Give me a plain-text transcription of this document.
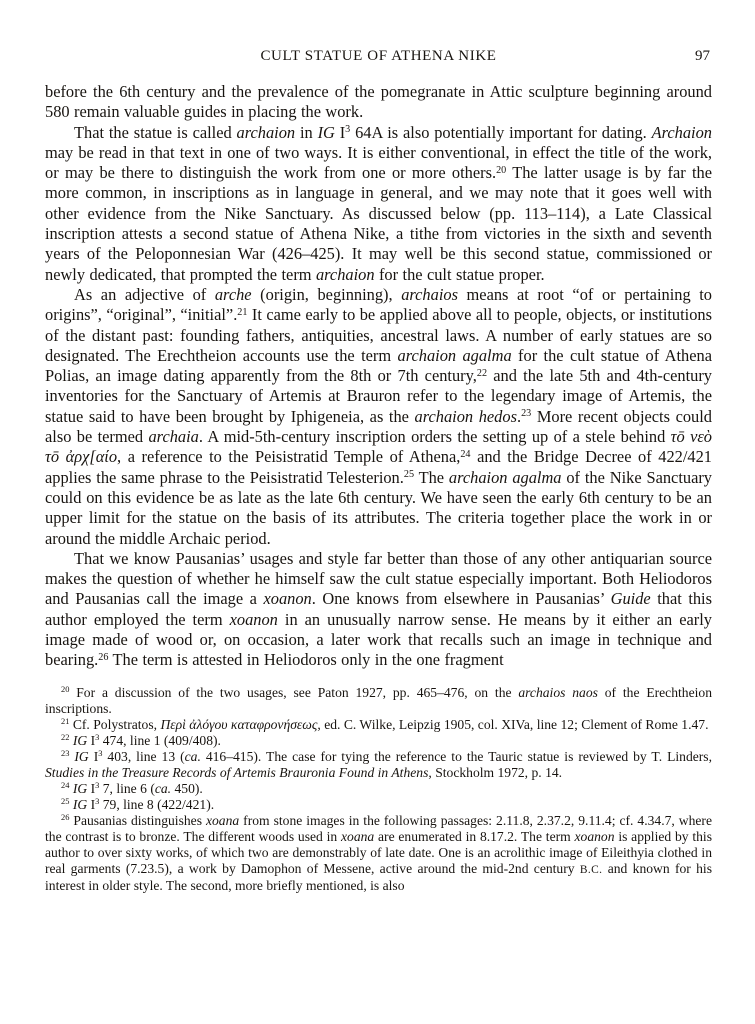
CULT STATUE OF ATHENA NIKE	97

before the 6th century and the prevalence of the pomegranate in Attic sculpture beginning around 580 remain valuable guides in placing the work.

That the statue is called archaion in IG $I^3$ 64A is also potentially important for dating. Archaion may be read in that text in one of two ways. It is either conventional, in effect the title of the work, or may be there to distinguish the work from one or more others.$^{20}$ The latter usage is by far the more common, in inscriptions as in language in general, and we may note that it goes well with other evidence from the Nike Sanctuary. As discussed below (pp. 113–114), a Late Classical inscription attests a second statue of Athena Nike, a tithe from victories in the sixth and seventh years of the Peloponnesian War (426–425). It may well be this second statue, commissioned or newly dedicated, that prompted the term archaion for the cult statue proper.

As an adjective of arche (origin, beginning), archaios means at root “of or pertaining to origins”, “original”, “initial”.$^{21}$ It came early to be applied above all to people, objects, or institutions of the distant past: founding fathers, antiquities, ancestral laws. A number of early statues are so designated. The Erechtheion accounts use the term archaion agalma for the cult statue of Athena Polias, an image dating apparently from the 8th or 7th century,$^{22}$ and the late 5th and 4th-century inventories for the Sanctuary of Artemis at Brauron refer to the legendary image of Artemis, the statue said to have been brought by Iphigeneia, as the archaion hedos.$^{23}$ More recent objects could also be termed archaia. A mid-5th-century inscription orders the setting up of a stele behind τō νεὸ τō ἀρχ[αίο, a reference to the Peisistratid Temple of Athena,$^{24}$ and the Bridge Decree of 422/421 applies the same phrase to the Peisistratid Telesterion.$^{25}$ The archaion agalma of the Nike Sanctuary could on this evidence be as late as the late 6th century. We have seen the early 6th century to be an upper limit for the statue on the basis of its attributes. The criteria together place the work in or around the middle Archaic period.

That we know Pausanias’ usages and style far better than those of any other antiquarian source makes the question of whether he himself saw the cult statue especially important. Both Heliodoros and Pausanias call the image a xoanon. One knows from elsewhere in Pausanias’ Guide that this author employed the term xoanon in an unusually narrow sense. He means by it either an early image made of wood or, on occasion, a later work that recalls such an image in technique and bearing.$^{26}$ The term is attested in Heliodoros only in the one fragment

$^{20}$ For a discussion of the two usages, see Paton 1927, pp. 465–476, on the archaios naos of the Erechtheion inscriptions.

$^{21}$ Cf. Polystratos, Περὶ ἀλόγου καταφρονήσεως, ed. C. Wilke, Leipzig 1905, col. XIVa, line 12; Clement of Rome 1.47.

$^{22}$ IG $I^3$ 474, line 1 (409/408).

$^{23}$ IG $I^3$ 403, line 13 (ca. 416–415). The case for tying the reference to the Tauric statue is reviewed by T. Linders, Studies in the Treasure Records of Artemis Brauronia Found in Athens, Stockholm 1972, p. 14.

$^{24}$ IG $I^3$ 7, line 6 (ca. 450).

$^{25}$ IG $I^3$ 79, line 8 (422/421).

$^{26}$ Pausanias distinguishes xoana from stone images in the following passages: 2.11.8, 2.37.2, 9.11.4; cf. 4.34.7, where the contrast is to bronze. The different woods used in xoana are enumerated in 8.17.2. The term xoanon is applied by this author to over sixty works, of which two are demonstrably of late date. One is an acrolithic image of Eileithyia clothed in real garments (7.23.5), a work by Damophon of Messene, active around the mid-2nd century B.C. and known for his interest in older style. The second, more briefly mentioned, is also
